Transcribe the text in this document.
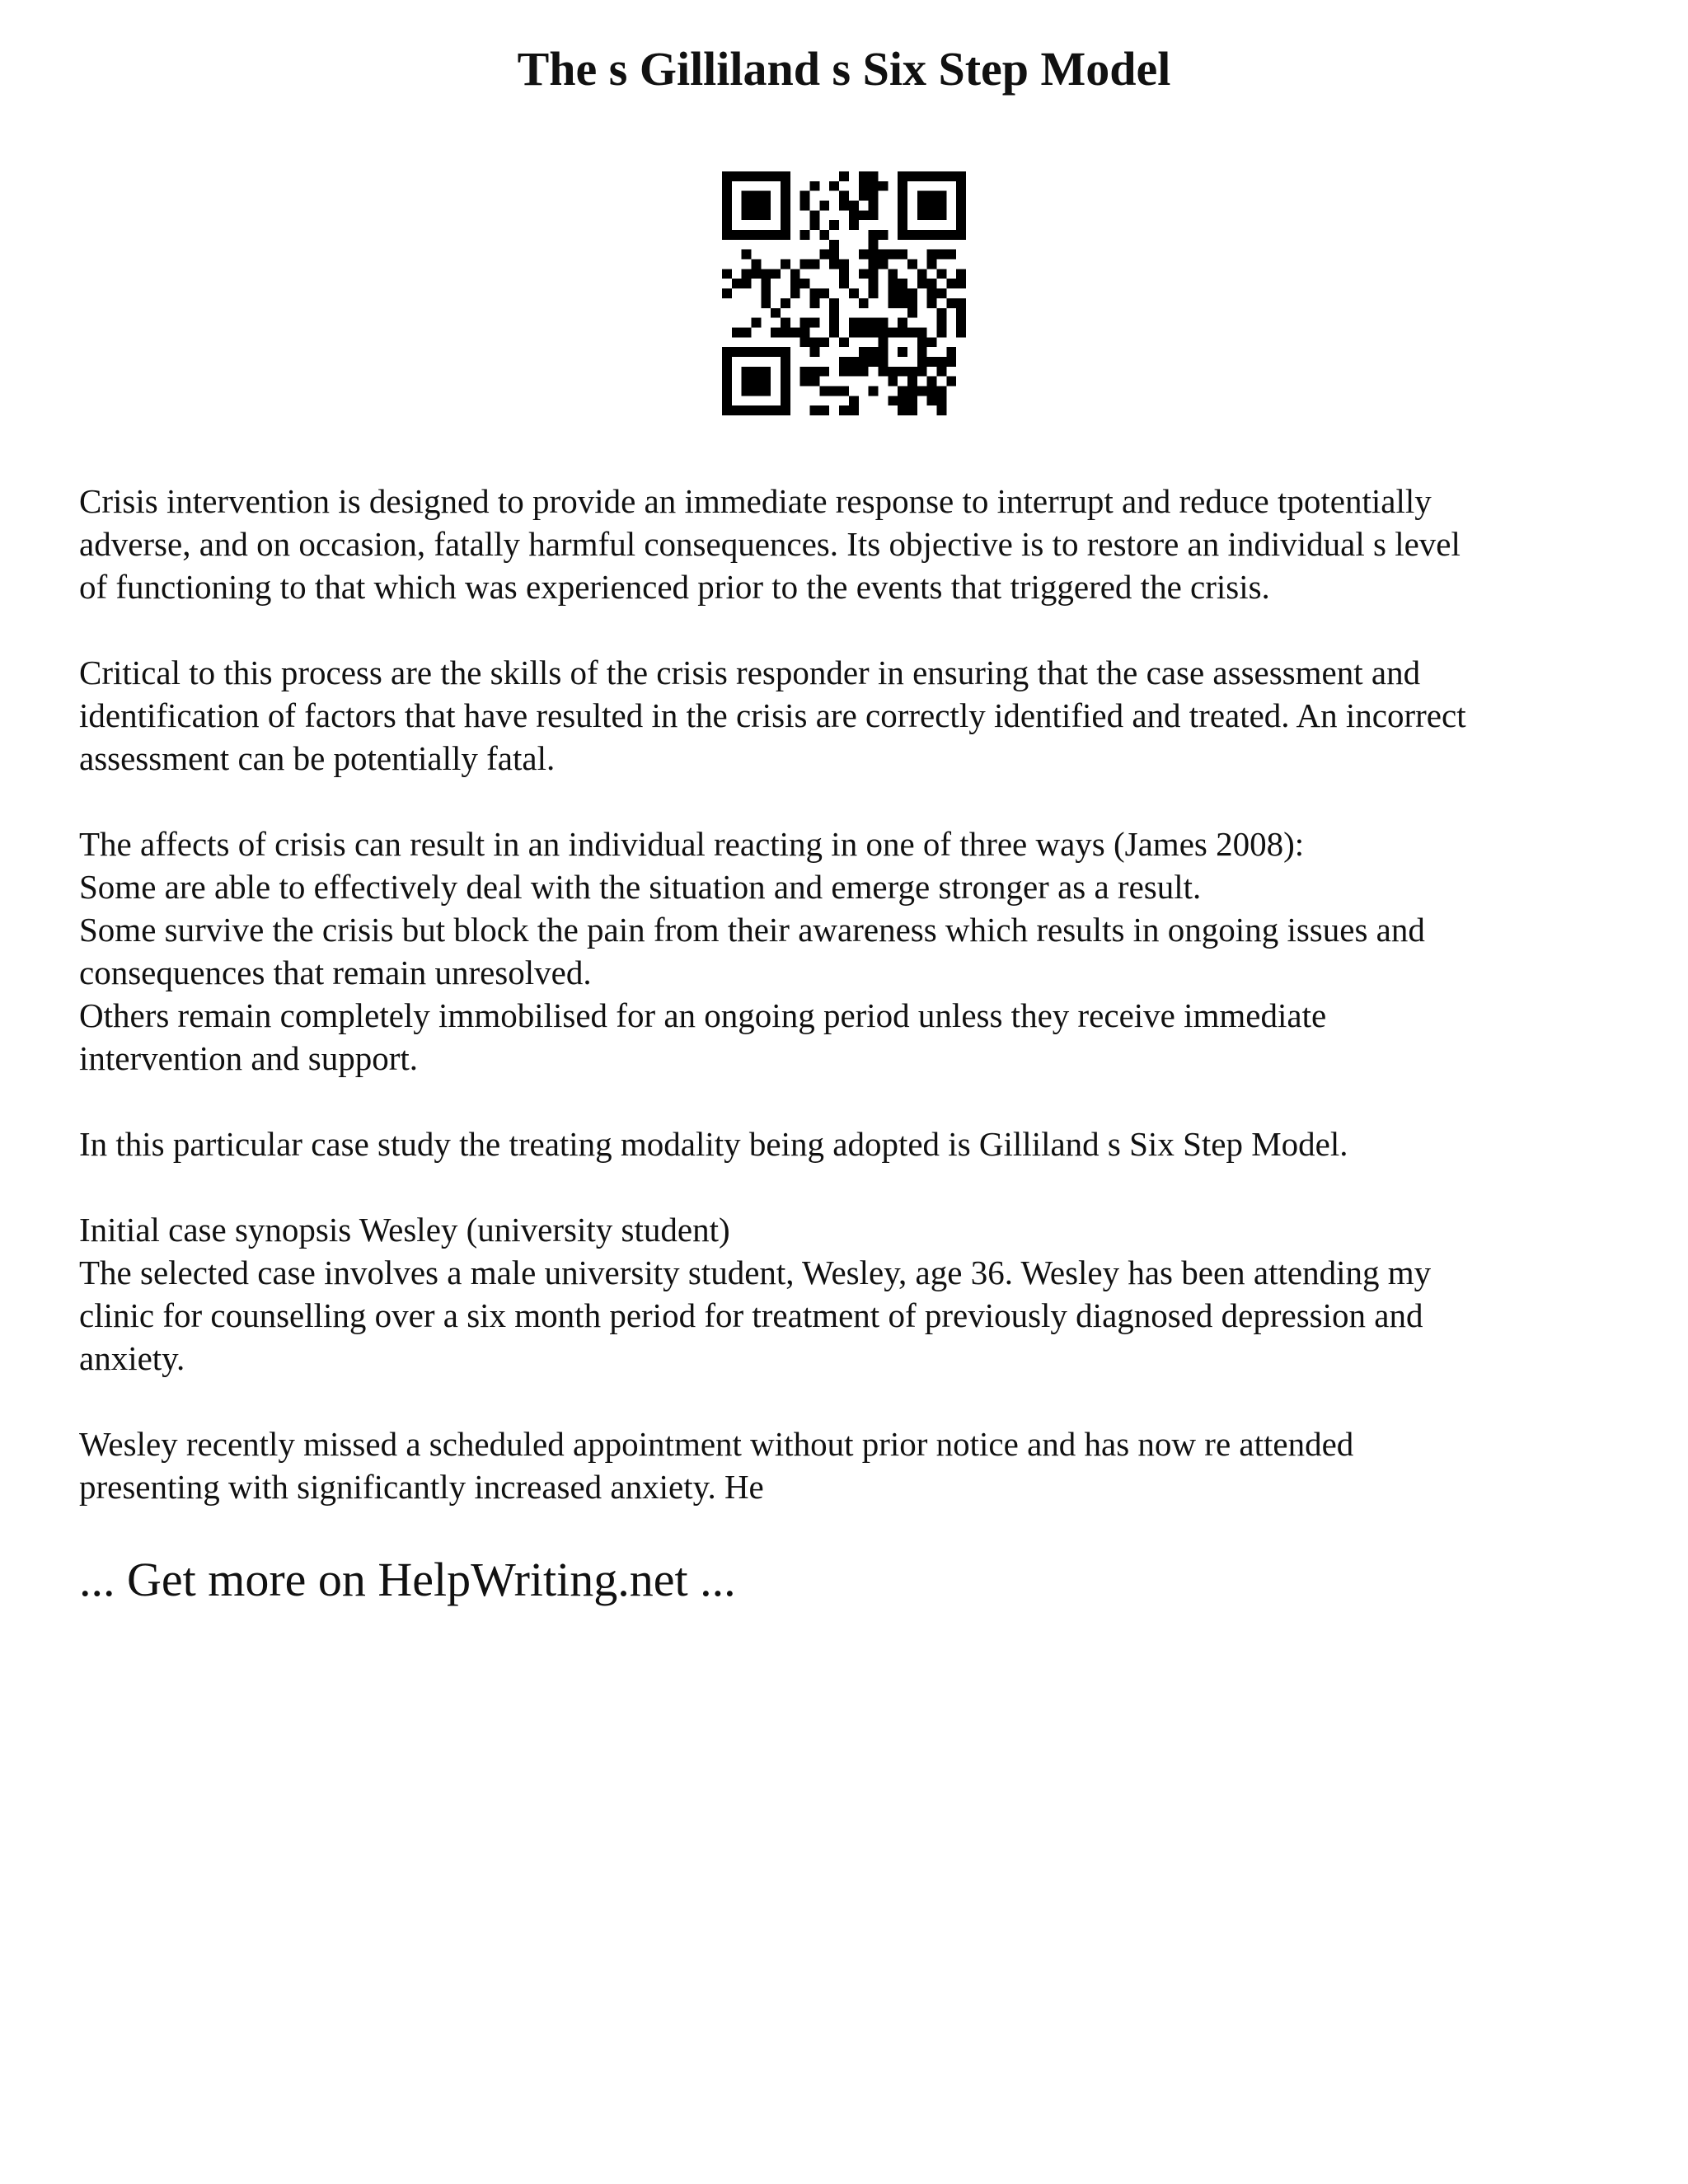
The s Gilliland s Six Step Model

Crisis intervention is designed to provide an immediate response to interrupt and reduce tpotentially
adverse, and on occasion, fatally harmful consequences. Its objective is to restore an individual s level
of functioning to that which was experienced prior to the events that triggered the crisis.

Critical to this process are the skills of the crisis responder in ensuring that the case assessment and
identification of factors that have resulted in the crisis are correctly identified and treated. An incorrect
assessment can be potentially fatal.

The affects of crisis can result in an individual reacting in one of three ways (James 2008):
Some are able to effectively deal with the situation and emerge stronger as a result.
Some survive the crisis but block the pain from their awareness which results in ongoing issues and
consequences that remain unresolved.
Others remain completely immobilised for an ongoing period unless they receive immediate
intervention and support.

In this particular case study the treating modality being adopted is Gilliland s Six Step Model.

Initial case synopsis Wesley (university student)
The selected case involves a male university student, Wesley, age 36. Wesley has been attending my
clinic for counselling over a six month period for treatment of previously diagnosed depression and
anxiety.

Wesley recently missed a scheduled appointment without prior notice and has now re attended
presenting with significantly increased anxiety. He

... Get more on HelpWriting.net ...
